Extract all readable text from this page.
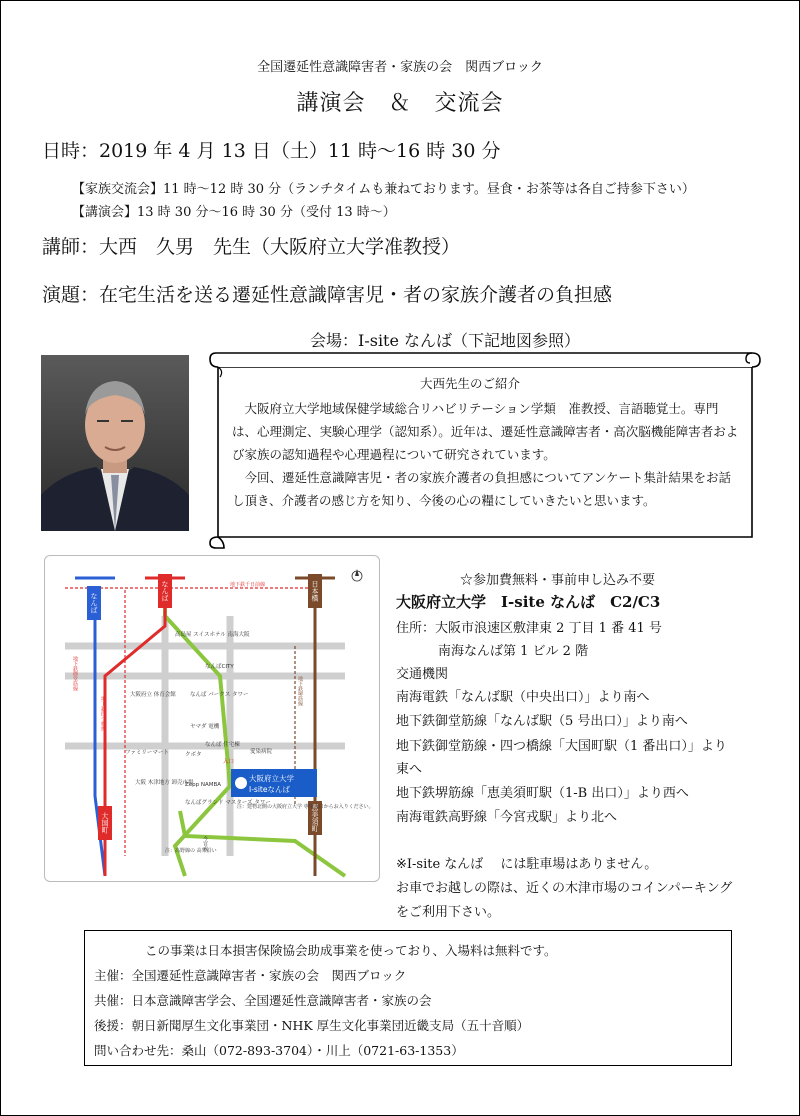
全国遷延性意識障害者・家族の会　関西ブロック
講演会　＆　交流会
日時：2019 年 4 月 13 日（土）11 時～16 時 30 分
【家族交流会】11 時～12 時 30 分（ランチタイムも兼ねております。昼食・お茶等は各自ご持参下さい）
【講演会】13 時 30 分～16 時 30 分（受付 13 時～）
講師：大西　久男　先生（大阪府立大学准教授）
演題：在宅生活を送る遷延性意識障害児・者の家族介護者の負担感
会場：I-site なんば（下記地図参照）
大西先生のご紹介
大阪府立大学地域保健学域総合リハビリテーション学類　准教授、言語聴覚士。専門は、心理測定、実験心理学（認知系）。近年は、遷延性意識障害者・高次脳機能障害者および家族の認知過程や心理過程について研究されています。
今回、遷延性意識障害児・者の家族介護者の負担感についてアンケート集計結果をお話し頂き、介護者の感じ方を知り、今後の心の糧にしていきたいと思います。
なんば
なんば	日本橋
大国町	恵美須町
地下鉄千日前線
地下鉄御堂筋線	地下鉄堺筋線
地下鉄四つ橋線
高島屋 スイスホテル 南海大阪
なんばCITY
大阪府立 体育会館	なんば パークス タワー
ヤマダ 電機
クボタ
なんば 住宅棟
Zepp NAMBA
なんばグランド マスターズ タワー
大阪 木津地方 卸売市場
ファミリーマート	愛染病院
入口
大阪府立大学
I-siteなんば
注：建物北側の大阪府立大学 専用入口からお入りください。
注：高野線の 高架沿い
今宮戎
☆参加費無料・事前申し込み不要
大阪府立大学　I-site なんば　C2/C3
住所：大阪市浪速区敷津東 2 丁目 1 番 41 号
南海なんば第 1 ビル 2 階
交通機関
南海電鉄「なんば駅（中央出口）」より南へ
地下鉄御堂筋線「なんば駅（5 号出口）」より南へ
地下鉄御堂筋線・四つ橋線「大国町駅（1 番出口）」より
東へ
地下鉄堺筋線「恵美須町駅（1-B 出口）」より西へ
南海電鉄高野線「今宮戎駅」より北へ
※I-site なんば　 には駐車場はありません。
お車でお越しの際は、近くの木津市場のコインパーキング
をご利用下さい。
この事業は日本損害保険協会助成事業を使っており、入場料は無料です。
主催：全国遷延性意識障害者・家族の会　関西ブロック
共催：日本意識障害学会、全国遷延性意識障害者・家族の会
後援：朝日新聞厚生文化事業団・NHK 厚生文化事業団近畿支局（五十音順）
問い合わせ先：桑山（072-893-3704）・川上（0721-63-1353）
